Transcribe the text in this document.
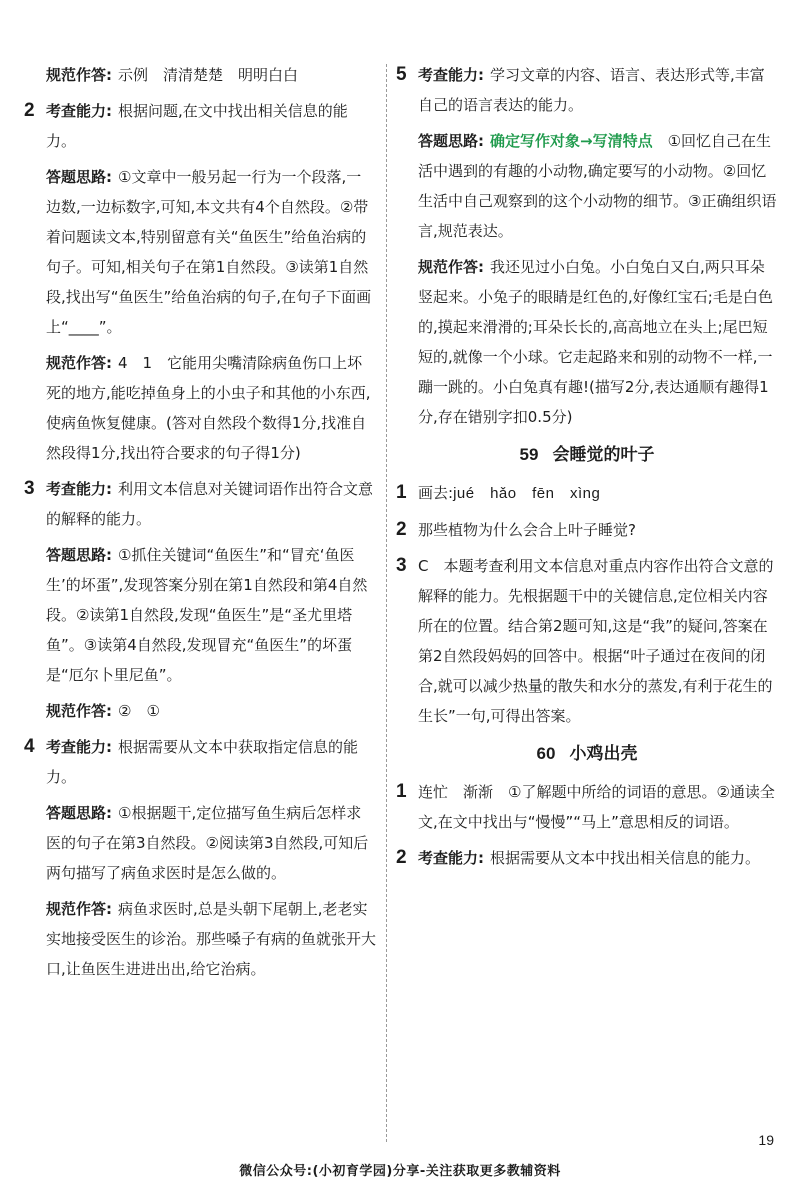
规范作答: 示例　清清楚楚　明明白白
2 考查能力: 根据问题,在文中找出相关信息的能力。
答题思路: ①文章中一般另起一行为一个段落,一边数,一边标数字,可知,本文共有4个自然段。②带着问题读文本,特别留意有关“鱼医生”给鱼治病的句子。可知,相关句子在第1自然段。③读第1自然段,找出写“鱼医生”给鱼治病的句子,在句子下面画上“____”。
规范作答: 4　1　它能用尖嘴清除病鱼伤口上坏死的地方,能吃掉鱼身上的小虫子和其他的小东西,使病鱼恢复健康。(答对自然段个数得1分,找准自然段得1分,找出符合要求的句子得1分)
3 考查能力: 利用文本信息对关键词语作出符合文意的解释的能力。
答题思路: ①抓住关键词“鱼医生”和“冒充‘鱼医生’的坏蛋”,发现答案分别在第1自然段和第4自然段。②读第1自然段,发现“鱼医生”是“圣尤里塔鱼”。③读第4自然段,发现冒充“鱼医生”的坏蛋是“厄尔卜里尼鱼”。
规范作答: ②　①
4 考查能力: 根据需要从文本中获取指定信息的能力。
答题思路: ①根据题干,定位描写鱼生病后怎样求医的句子在第3自然段。②阅读第3自然段,可知后两句描写了病鱼求医时是怎么做的。
规范作答: 病鱼求医时,总是头朝下尾朝上,老老实实地接受医生的诊治。那些嗓子有病的鱼就张开大口,让鱼医生进进出出,给它治病。
5 考查能力: 学习文章的内容、语言、表达形式等,丰富自己的语言表达的能力。
答题思路: 确定写作对象→写清特点　①回忆自己在生活中遇到的有趣的小动物,确定要写的小动物。②回忆生活中自己观察到的这个小动物的细节。③正确组织语言,规范表达。
规范作答: 我还见过小白兔。小白兔白又白,两只耳朵竖起来。小兔子的眼睛是红色的,好像红宝石;毛是白色的,摸起来滑滑的;耳朵长长的,高高地立在头上;尾巴短短的,就像一个小球。它走起路来和别的动物不一样,一蹦一跳的。小白兔真有趣!(描写2分,表达通顺有趣得1分,存在错别字扣0.5分)
59 会睡觉的叶子
1 画去:jué　hǎo　fēn　xìng
2 那些植物为什么会合上叶子睡觉?
3 C　本题考查利用文本信息对重点内容作出符合文意的解释的能力。先根据题干中的关键信息,定位相关内容所在的位置。结合第2题可知,这是“我”的疑问,答案在第2自然段妈妈的回答中。根据“叶子通过在夜间的闭合,就可以减少热量的散失和水分的蒸发,有利于花生的生长”一句,可得出答案。
60 小鸡出壳
1 连忙　渐渐　①了解题中所给的词语的意思。②通读全文,在文中找出与“慢慢”“马上”意思相反的词语。
2 考查能力: 根据需要从文本中找出相关信息的能力。
19
微信公众号:(小初育学园)分享-关注获取更多教辅资料
